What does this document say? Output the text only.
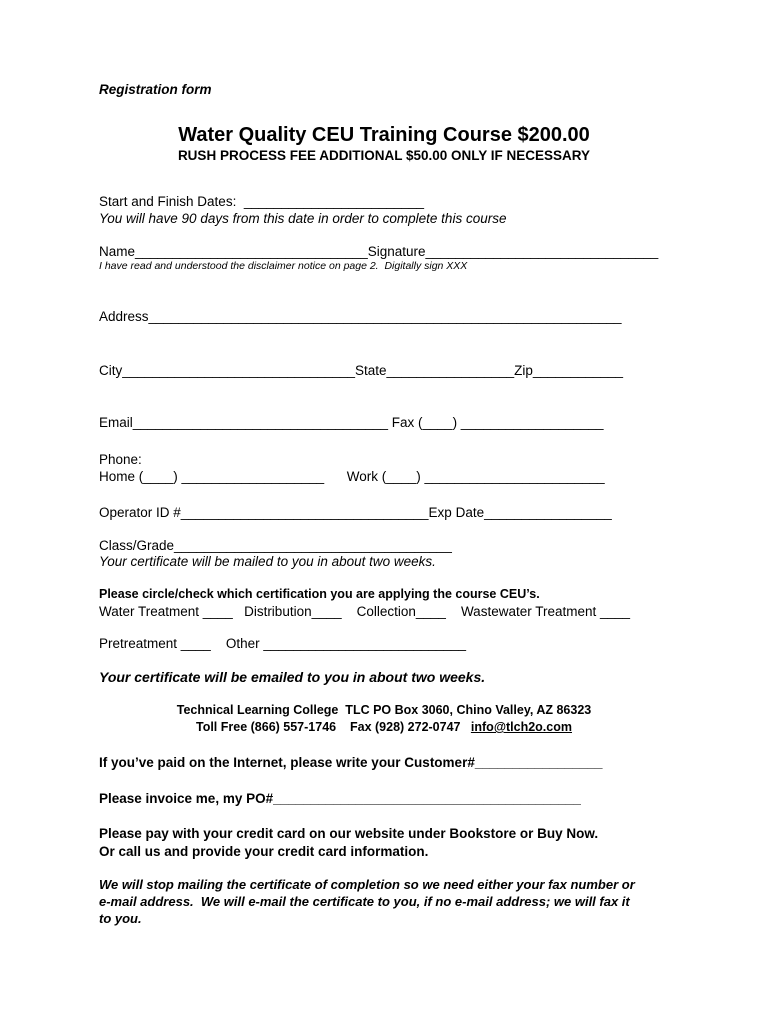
Registration form
Water Quality CEU Training Course $200.00
RUSH PROCESS FEE ADDITIONAL $50.00 ONLY IF NECESSARY
Start and Finish Dates:  ________________________
You will have 90 days from this date in order to complete this course
Name_______________________________Signature_______________________________
I have read and understood the disclaimer notice on page 2.  Digitally sign XXX
Address_______________________________________________________________
City_______________________________State_________________Zip____________
Email__________________________________ Fax (____) ___________________
Phone:
Home (____) ___________________      Work (____) ________________________
Operator ID #_________________________________Exp Date_________________
Class/Grade_____________________________________
Your certificate will be mailed to you in about two weeks.
Please circle/check which certification you are applying the course CEU’s.
Water Treatment ____   Distribution____    Collection____    Wastewater Treatment ____
Pretreatment ____    Other ___________________________
Your certificate will be emailed to you in about two weeks.
Technical Learning College  TLC PO Box 3060, Chino Valley, AZ 86323
Toll Free (866) 557-1746    Fax (928) 272-0747   info@tlch2o.com
If you’ve paid on the Internet, please write your Customer#_________________
Please invoice me, my PO#_________________________________________
Please pay with your credit card on our website under Bookstore or Buy Now.
Or call us and provide your credit card information.
We will stop mailing the certificate of completion so we need either your fax number or
e-mail address.  We will e-mail the certificate to you, if no e-mail address; we will fax it
to you.
